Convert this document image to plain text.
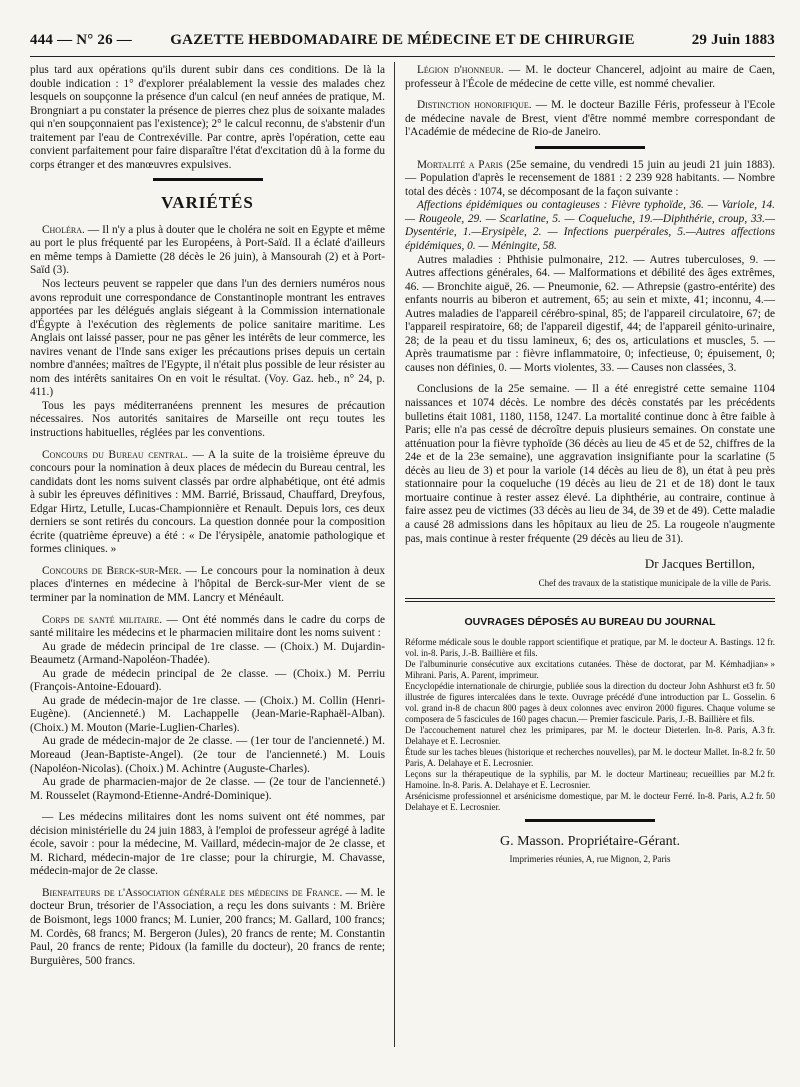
444 — N° 26 —	GAZETTE HEBDOMADAIRE DE MÉDECINE ET DE CHIRURGIE	29 Juin 1883

plus tard aux opérations qu'ils durent subir dans ces conditions. De là la double indication : 1° d'explorer préalablement la vessie des malades chez lesquels on soupçonne la présence d'un calcul (en neuf années de pratique, M. Brongniart a pu constater la présence de pierres chez plus de soixante malades qui n'en soupçonnaient pas l'existence); 2° le calcul reconnu, de s'abstenir d'un traitement par l'eau de Contrexéville. Par contre, après l'opération, cette eau convient parfaitement pour faire disparaître l'état d'excitation dû à la forme du corps étranger et des manœuvres expulsives.

VARIÉTÉS

Choléra. — Il n'y a plus à douter que le choléra ne soit en Egypte et même au port le plus fréquenté par les Européens, à Port-Saïd. Il a éclaté d'ailleurs en même temps à Damiette (28 décès le 26 juin), à Mansourah (2) et à Port-Saïd (3).

Nos lecteurs peuvent se rappeler que dans l'un des derniers numéros nous avons reproduit une correspondance de Constantinople montrant les entraves apportées par les délégués anglais siégeant à la Commission internationale d'Égypte à l'exécution des règlements de police sanitaire maritime. Les Anglais ont laissé passer, pour ne pas gêner les intérêts de leur commerce, les navires venant de l'Inde sans exiger les précautions prises depuis un certain nombre d'années; maîtres de l'Egypte, il n'était plus possible de leur résister au nom des intérêts sanitaires On en voit le résultat. (Voy. Gaz. heb., n° 24, p. 411.)

Tous les pays méditerranéens prennent les mesures de précaution nécessaires. Nos autorités sanitaires de Marseille ont reçu toutes les instructions habituelles, réglées par les conventions.

Concours du Bureau central. — A la suite de la troisième épreuve du concours pour la nomination à deux places de médecin du Bureau central, les candidats dont les noms suivent classés par ordre alphabétique, ont été admis à subir les épreuves définitives : MM. Barrié, Brissaud, Chauffard, Dreyfous, Edgar Hirtz, Letulle, Lucas-Championnière et Renault. Depuis lors, ces deux derniers se sont retirés du concours. La question donnée pour la composition écrite (quatrième épreuve) a été : « De l'érysipèle, anatomie pathologique et formes cliniques. »

Concours de Berck-sur-Mer. — Le concours pour la nomination à deux places d'internes en médecine à l'hôpital de Berck-sur-Mer vient de se terminer par la nomination de MM. Lancry et Ménéault.

Corps de santé militaire. — Ont été nommés dans le cadre du corps de santé militaire les médecins et le pharmacien militaire dont les noms suivent :

Au grade de médecin principal de 1re classe. — (Choix.) M. Dujardin-Beaumetz (Armand-Napoléon-Thadée).

Au grade de médecin principal de 2e classe. — (Choix.) M. Perriu (François-Antoine-Edouard).

Au grade de médecin-major de 1re classe. — (Choix.) M. Collin (Henri-Eugène). (Ancienneté.) M. Lachappelle (Jean-Marie-Raphaël-Alban). (Choix.) M. Mouton (Marie-Luglien-Charles).

Au grade de médecin-major de 2e classe. — (1er tour de l'ancienneté.) M. Moreaud (Jean-Baptiste-Angel). (2e tour de l'ancienneté.) M. Louis (Napoléon-Nicolas). (Choix.) M. Achintre (Auguste-Charles).

Au grade de pharmacien-major de 2e classe. — (2e tour de l'ancienneté.) M. Rousselet (Raymond-Etienne-André-Dominique).

— Les médecins militaires dont les noms suivent ont été nommes, par décision ministérielle du 24 juin 1883, à l'emploi de professeur agrégé à ladite école, savoir : pour la médecine, M. Vaillard, médecin-major de 2e classe, et M. Richard, médecin-major de 1re classe; pour la chirurgie, M. Chavasse, médecin-major de 2e classe.

Bienfaiteurs de l'Association générale des médecins de France. — M. le docteur Brun, trésorier de l'Association, a reçu les dons suivants : M. Brière de Boismont, legs 1000 francs; M. Lunier, 200 francs; M. Gallard, 100 francs; M. Cordès, 68 francs; M. Bergeron (Jules), 20 francs de rente; M. Constantin Paul, 20 francs de rente; Pidoux (la famille du docteur), 20 francs de rente; Burguières, 500 francs.

Légion d'honneur. — M. le docteur Chancerel, adjoint au maire de Caen, professeur à l'École de médecine de cette ville, est nommé chevalier.

Distinction honorifique. — M. le docteur Bazille Féris, professeur à l'Ecole de médecine navale de Brest, vient d'être nommé membre correspondant de l'Académie de médecine de Rio-de Janeiro.

Mortalité a Paris (25e semaine, du vendredi 15 juin au jeudi 21 juin 1883). — Population d'après le recensement de 1881 : 2 239 928 habitants. — Nombre total des décès : 1074, se décomposant de la façon suivante :

Affections épidémiques ou contagieuses : Fièvre typhoïde, 36. — Variole, 14. — Rougeole, 29. — Scarlatine, 5. — Coqueluche, 19.—Diphthérie, croup, 33.—Dysentérie, 1.—Erysipèle, 2. — Infections puerpérales, 5.—Autres affections épidémiques, 0. — Méningite, 58.

Autres maladies : Phthisie pulmonaire, 212. — Autres tuberculoses, 9. — Autres affections générales, 64. — Malformations et débilité des âges extrêmes, 46. — Bronchite aiguë, 26. — Pneumonie, 62. — Athrepsie (gastro-entérite) des enfants nourris au biberon et autrement, 65; au sein et mixte, 41; inconnu, 4.— Autres maladies de l'appareil cérébro-spinal, 85; de l'appareil circulatoire, 67; de l'appareil respiratoire, 68; de l'appareil digestif, 44; de l'appareil génito-urinaire, 28; de la peau et du tissu lamineux, 6; des os, articulations et muscles, 5. — Après traumatisme par : fièvre inflammatoire, 0; infectieuse, 0; épuisement, 0; causes non définies, 0. — Morts violentes, 33. — Causes non classées, 3.

Conclusions de la 25e semaine. — Il a été enregistré cette semaine 1104 naissances et 1074 décès. Le nombre des décès constatés par les précédents bulletins était 1081, 1180, 1158, 1247. La mortalité continue donc à être faible à Paris; elle n'a pas cessé de décroître depuis plusieurs semaines. On constate une atténuation pour la fièvre typhoïde (36 décès au lieu de 45 et de 52, chiffres de la 24e et de la 23e semaine), une aggravation insignifiante pour la scarlatine (5 décès au lieu de 3) et pour la variole (14 décès au lieu de 8), un état à peu près stationnaire pour la coqueluche (19 décès au lieu de 21 et de 18) dont le taux mortuaire continue à rester assez élevé. La diphthérie, au contraire, continue à faire assez peu de victimes (33 décès au lieu de 34, de 39 et de 49). Cette maladie a causé 28 admissions dans les hôpitaux au lieu de 25. La rougeole n'augmente pas, mais continue à rester fréquente (29 décès au lieu de 31).

Dr Jacques Bertillon,
Chef des travaux de la statistique municipale de la ville de Paris.
OUVRAGES DÉPOSÉS AU BUREAU DU JOURNAL

2 fr.
Réforme médicale sous le double rapport scientifique et pratique, par M. le docteur A. Bastings. 1 vol. in-8. Paris, J.-B. Baillière et fils.

» »
De l'albuminurie consécutive aux excitations cutanées. Thèse de doctorat, par M. Kémhadjian Mihrani. Paris, A. Parent, imprimeur.

3 fr. 50
Encyclopédie internationale de chirurgie, publiée sous la direction du docteur John Ashhurst et illustrée de figures intercalées dans le texte. Ouvrage précédé d'une introduction par L. Gosselin. 6 vol. grand in-8 de chacun 800 pages à deux colonnes avec environ 2000 figures. Chaque volume se composera de 5 fascicules de 160 pages chacun.— Premier fascicule. Paris, J.-B. Baillière et fils.

3 fr.
De l'accouchement naturel chez les primipares, par M. le docteur Dieterlen. In-8. Paris, A. Delahaye et E. Lecrosnier.

2 fr. 50
Étude sur les taches bleues (historique et recherches nouvelles), par M. le docteur Mallet. In-8. Paris, A. Delahaye et E. Lecrosnier.

2 fr.
Leçons sur la thérapeutique de la syphilis, par M. le docteur Martineau; recueillies par M. Hamoine. In-8. Paris. A. Delahaye et E. Lecrosnier.

2 fr. 50
Arsénicisme professionnel et arsénicisme domestique, par M. le docteur Ferré. In-8. Paris, A. Delahaye et E. Lecrosnier.

G. Masson. Propriétaire-Gérant.
Imprimeries réunies, A, rue Mignon, 2, Paris
